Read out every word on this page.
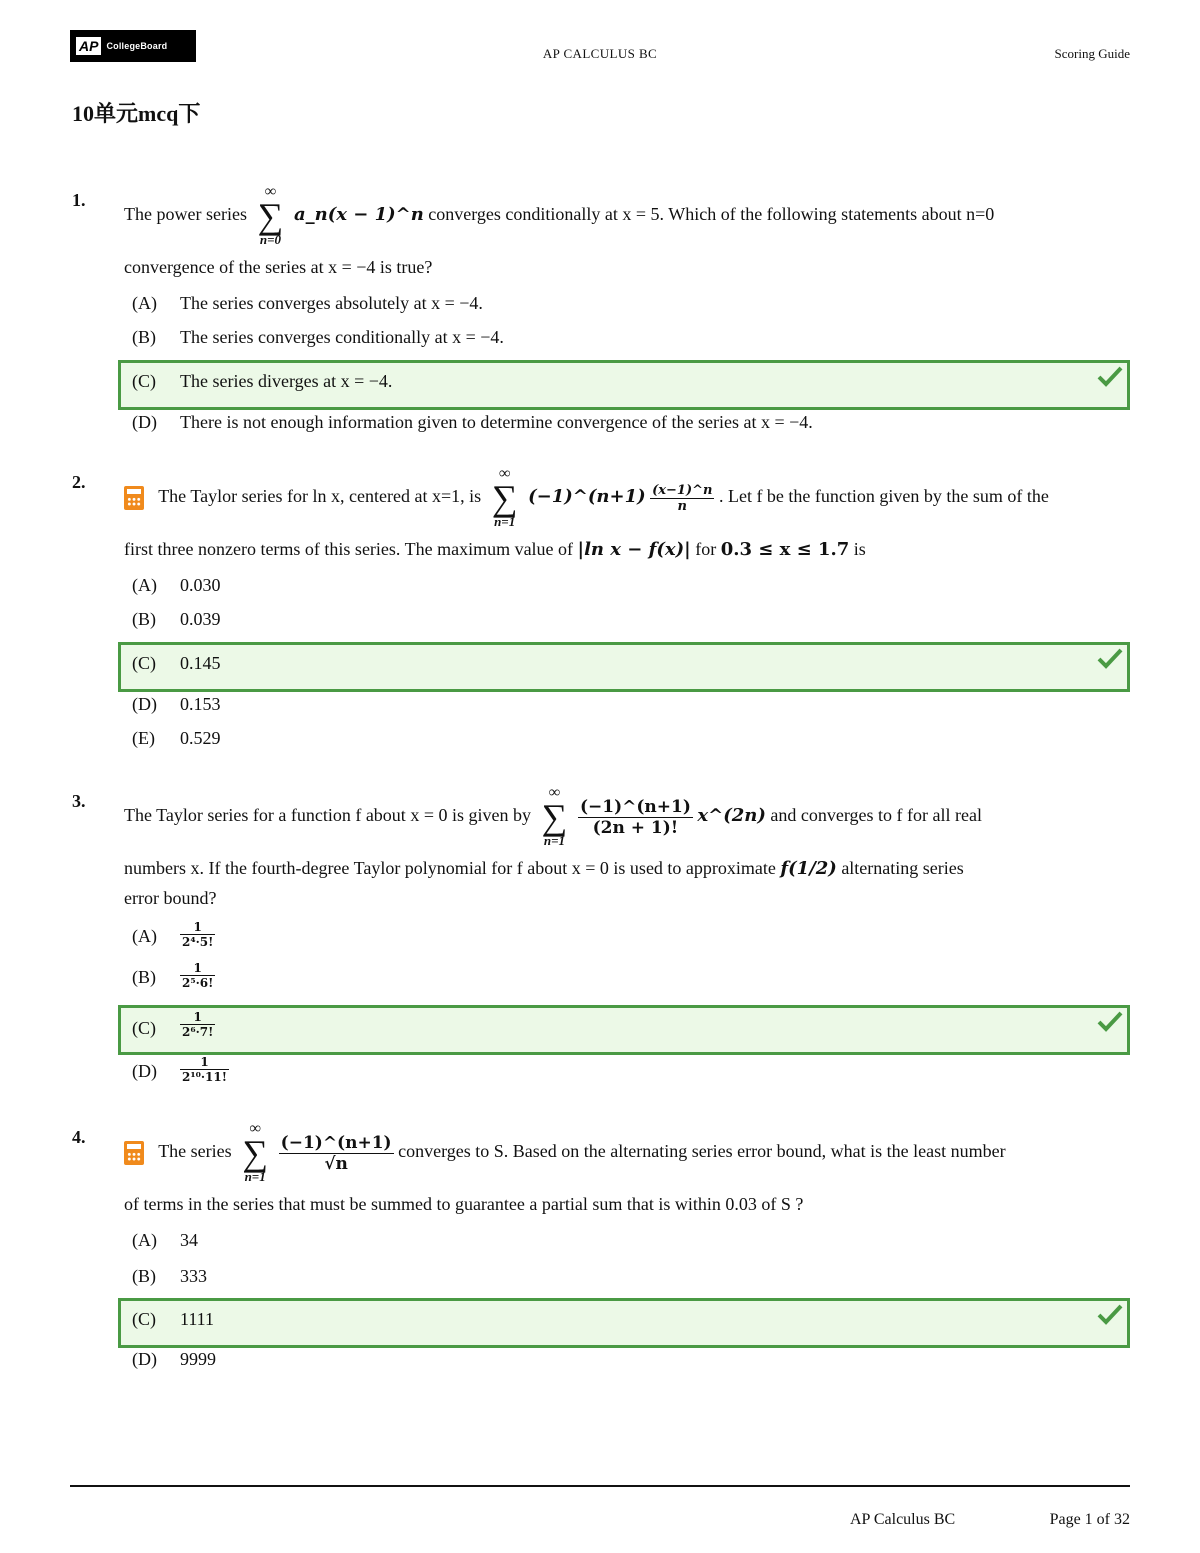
AP CollegeBoard	AP CALCULUS BC	Scoring Guide
10单元mcq下
1.
The power series
∞
∑
n=0
a_n(x − 1)^n converges conditionally at x = 5. Which of the following statements about n=0
convergence of the series at x = −4 is true?
(A) The series converges absolutely at x = −4.
(B) The series converges conditionally at x = −4.
(C) The series diverges at x = −4.
(D) There is not enough information given to determine convergence of the series at x = −4.
2.
The Taylor series for ln x, centered at x=1, is
∞
∑
n=1
(−1)^(n+1) $\frac{(x-1)\^{}n}{n}$ . Let f be the function given by the sum of the
first three nonzero terms of this series. The maximum value of |ln x − f(x)| for 0.3 ≤ x ≤ 1.7 is
(A) 0.030
(B) 0.039
(C) 0.145
(D) 0.153
(E) 0.529
3.
The Taylor series for a function f about x = 0 is given by
∞
∑
n=1

$\frac{(-1)\^{}(n+1)}{(2n + 1)!}$ x^(2n) and converges to f for all real
numbers x. If the fourth-degree Taylor polynomial for f about x = 0 is used to approximate f(1/2) alternating series
error bound?
$(A) \frac{1}{\text{2⁴·5!}}$
$(B) \frac{1}{\text{2⁵·6!}}$
$(C) \frac{1}{\text{2⁶·7!}}$
$(D) \frac{1}{\text{2¹⁰·11!}}$
4.
The series
∞
∑
n=1

$\frac{(-1)\^{}(n+1)}{√n}$ converges to S. Based on the alternating series error bound, what is the least number
of terms in the series that must be summed to guarantee a partial sum that is within 0.03 of S ?
(A) 34
(B) 333
(C) 1111
(D) 9999
AP Calculus BC	Page 1 of 32
